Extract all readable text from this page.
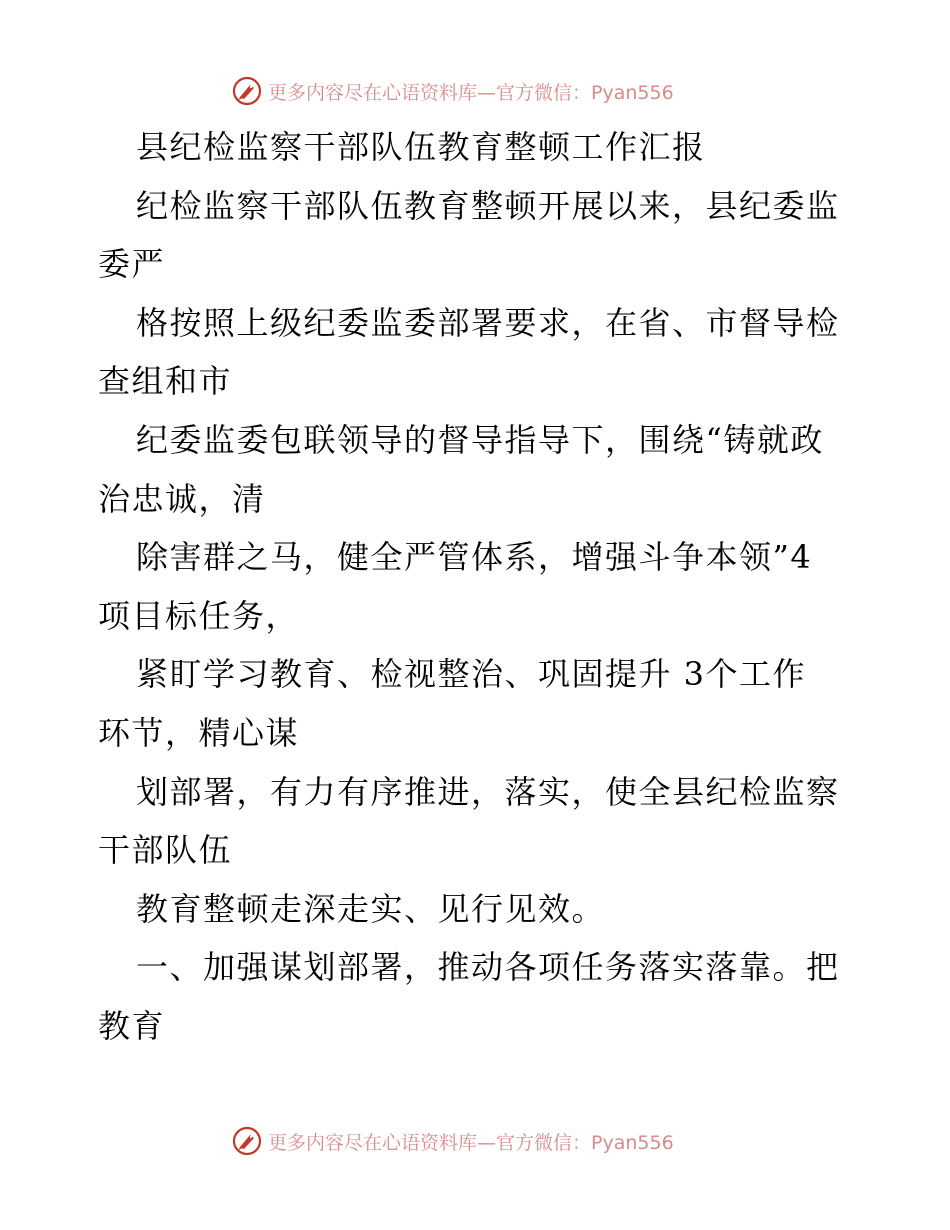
更多内容尽在心语资料库—官方微信：Pyan556
县纪检监察干部队伍教育整顿工作汇报
纪检监察干部队伍教育整顿开展以来，县纪委监
委严
格按照上级纪委监委部署要求，在省、市督导检
查组和市
纪委监委包联领导的督导指导下，围绕“铸就政
治忠诚，清
除害群之马，健全严管体系，增强斗争本领”4
项目标任务，
紧盯学习教育、检视整治、巩固提升 3个工作
环节，精心谋
划部署，有力有序推进，落实，使全县纪检监察
干部队伍
教育整顿走深走实、见行见效。
一、加强谋划部署，推动各项任务落实落靠。把
教育
更多内容尽在心语资料库—官方微信：Pyan556
